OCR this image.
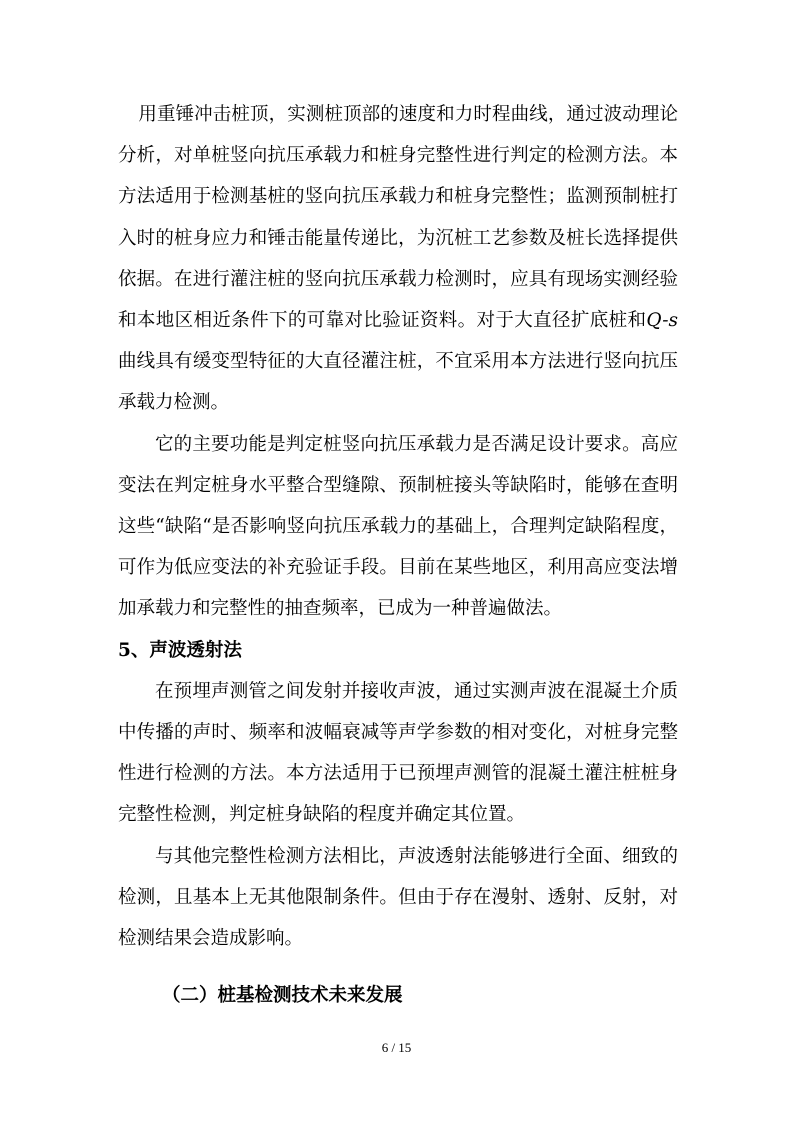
用重锤冲击桩顶，实测桩顶部的速度和力时程曲线，通过波动理论分析，对单桩竖向抗压承载力和桩身完整性进行判定的检测方法。本方法适用于检测基桩的竖向抗压承载力和桩身完整性；监测预制桩打入时的桩身应力和锤击能量传递比，为沉桩工艺参数及桩长选择提供依据。在进行灌注桩的竖向抗压承载力检测时，应具有现场实测经验和本地区相近条件下的可靠对比验证资料。对于大直径扩底桩和Q-s曲线具有缓变型特征的大直径灌注桩，不宜采用本方法进行竖向抗压承载力检测。

它的主要功能是判定桩竖向抗压承载力是否满足设计要求。高应变法在判定桩身水平整合型缝隙、预制桩接头等缺陷时，能够在查明这些“缺陷“是否影响竖向抗压承载力的基础上，合理判定缺陷程度，可作为低应变法的补充验证手段。目前在某些地区，利用高应变法增加承载力和完整性的抽查频率，已成为一种普遍做法。

5、声波透射法

在预埋声测管之间发射并接收声波，通过实测声波在混凝土介质中传播的声时、频率和波幅衰减等声学参数的相对变化，对桩身完整性进行检测的方法。本方法适用于已预埋声测管的混凝土灌注桩桩身完整性检测，判定桩身缺陷的程度并确定其位置。

与其他完整性检测方法相比，声波透射法能够进行全面、细致的检测，且基本上无其他限制条件。但由于存在漫射、透射、反射，对检测结果会造成影响。

（二）桩基检测技术未来发展

6 / 15
